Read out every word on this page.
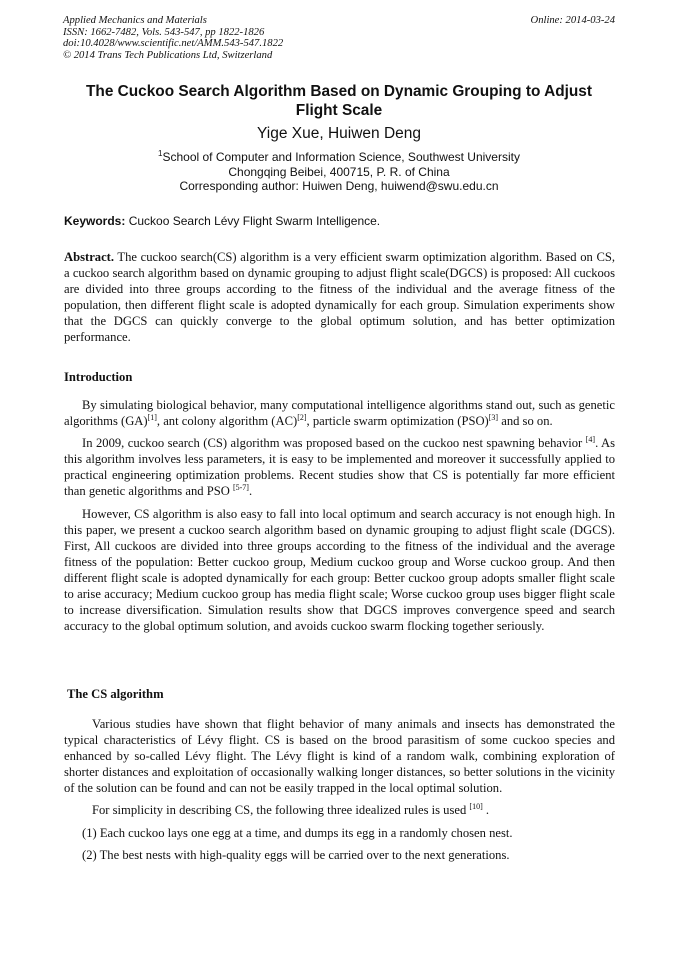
Applied Mechanics and Materials
ISSN: 1662-7482, Vols. 543-547, pp 1822-1826
doi:10.4028/www.scientific.net/AMM.543-547.1822
© 2014 Trans Tech Publications Ltd, Switzerland
Online: 2014-03-24
The Cuckoo Search Algorithm Based on Dynamic Grouping to Adjust
Flight Scale
Yige Xue, Huiwen Deng
$^1$School of Computer and Information Science, Southwest University
Chongqing Beibei, 400715, P. R. of China
Corresponding author: Huiwen Deng, huiwend@swu.edu.cn
Keywords: Cuckoo Search Lévy Flight Swarm Intelligence.

Abstract. The cuckoo search(CS) algorithm is a very efficient swarm optimization algorithm. Based on CS, a cuckoo search algorithm based on dynamic grouping to adjust flight scale(DGCS) is proposed: All cuckoos are divided into three groups according to the fitness of the individual and the average fitness of the population, then different flight scale is adopted dynamically for each group. Simulation experiments show that the DGCS can quickly converge to the global optimum solution, and has better optimization performance.

Introduction

By simulating biological behavior, many computational intelligence algorithms stand out, such as genetic algorithms (GA)[1], ant colony algorithm (AC)[2], particle swarm optimization (PSO)[3] and so on.

In 2009, cuckoo search (CS) algorithm was proposed based on the cuckoo nest spawning behavior [4]. As this algorithm involves less parameters, it is easy to be implemented and moreover it successfully applied to practical engineering optimization problems. Recent studies show that CS is potentially far more efficient than genetic algorithms and PSO [5-7].

However, CS algorithm is also easy to fall into local optimum and search accuracy is not enough high. In this paper, we present a cuckoo search algorithm based on dynamic grouping to adjust flight scale (DGCS). First, All cuckoos are divided into three groups according to the fitness of the individual and the average fitness of the population: Better cuckoo group, Medium cuckoo group and Worse cuckoo group. And then different flight scale is adopted dynamically for each group: Better cuckoo group adopts smaller flight scale to arise accuracy; Medium cuckoo group has media flight scale; Worse cuckoo group uses bigger flight scale to increase diversification. Simulation results show that DGCS improves convergence speed and search accuracy to the global optimum solution, and avoids cuckoo swarm flocking together seriously.

The CS algorithm

Various studies have shown that flight behavior of many animals and insects has demonstrated the typical characteristics of Lévy flight. CS is based on the brood parasitism of some cuckoo species and enhanced by so-called Lévy flight. The Lévy flight is kind of a random walk, combining exploration of shorter distances and exploitation of occasionally walking longer distances, so better solutions in the vicinity of the solution can be found and can not be easily trapped in the local optimal solution.

For simplicity in describing CS, the following three idealized rules is used [10] .

(1) Each cuckoo lays one egg at a time, and dumps its egg in a randomly chosen nest.

(2) The best nests with high-quality eggs will be carried over to the next generations.
